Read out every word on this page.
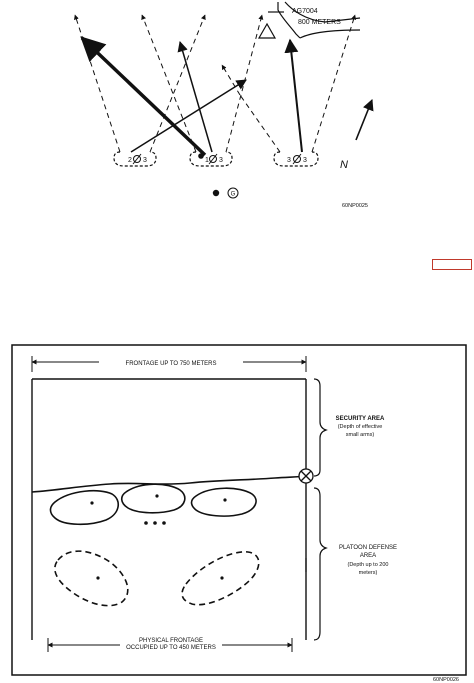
AG7004
800 METERS
2 3	1 3	3 3	N
G
60NP0025
FRONTAGE UP TO 750 METERS
PHYSICAL FRONTAGE
OCCUPIED UP TO 450 METERS
SECURITY AREA
(Depth of effective
small arms)
PLATOON DEFENSE
AREA
(Depth up to 200
meters)
60NP0026
